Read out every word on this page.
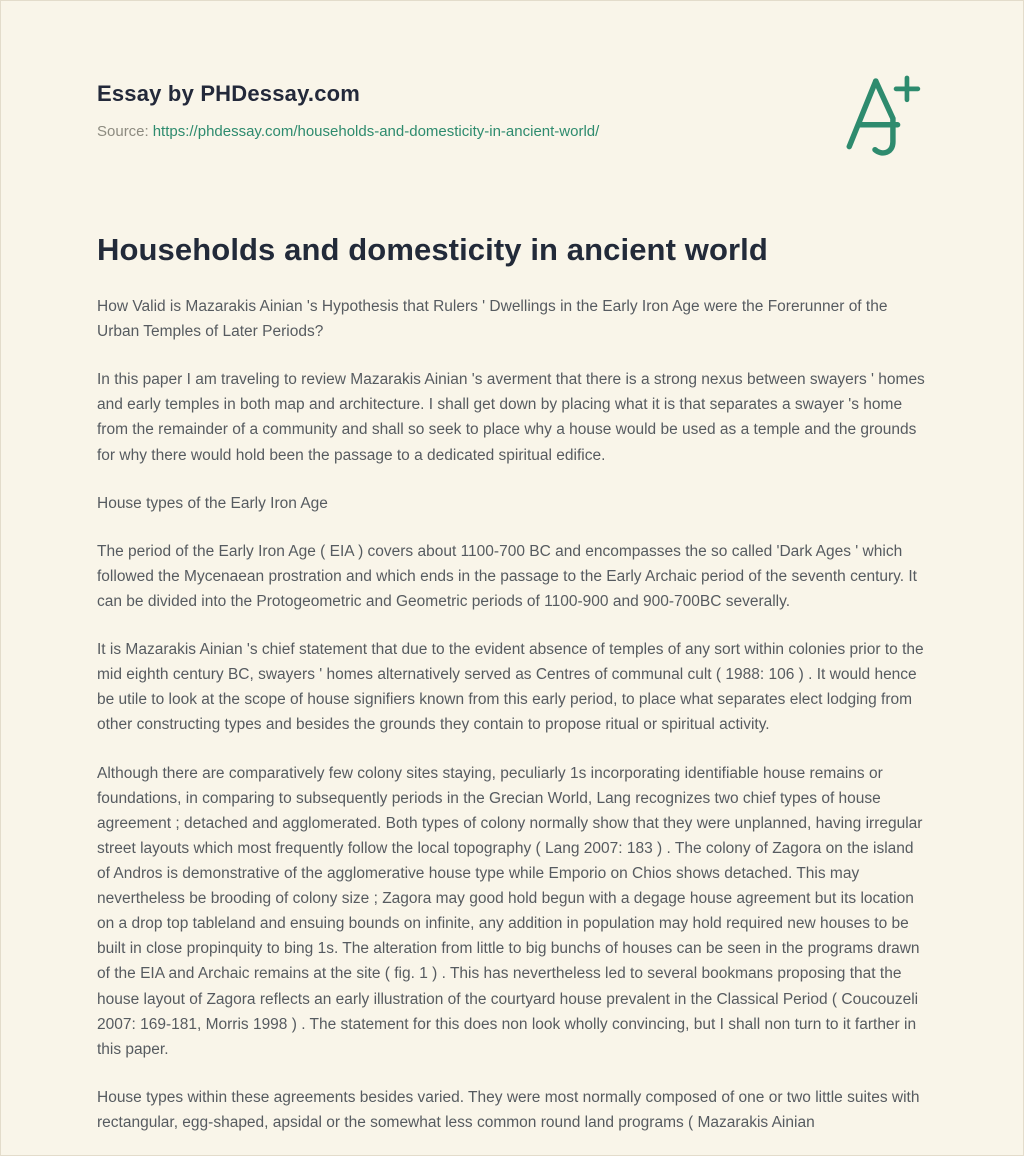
Essay by PHDessay.com
Source: https://phdessay.com/households-and-domesticity-in-ancient-world/
Households and domesticity in ancient world

How Valid is Mazarakis Ainian 's Hypothesis that Rulers ' Dwellings in the Early Iron Age were the Forerunner of the Urban Temples of Later Periods?

In this paper I am traveling to review Mazarakis Ainian 's averment that there is a strong nexus between swayers ' homes and early temples in both map and architecture. I shall get down by placing what it is that separates a swayer 's home from the remainder of a community and shall so seek to place why a house would be used as a temple and the grounds for why there would hold been the passage to a dedicated spiritual edifice.

House types of the Early Iron Age

The period of the Early Iron Age ( EIA ) covers about 1100-700 BC and encompasses the so called 'Dark Ages ' which followed the Mycenaean prostration and which ends in the passage to the Early Archaic period of the seventh century. It can be divided into the Protogeometric and Geometric periods of 1100-900 and 900-700BC severally.

It is Mazarakis Ainian 's chief statement that due to the evident absence of temples of any sort within colonies prior to the mid eighth century BC, swayers ' homes alternatively served as Centres of communal cult ( 1988: 106 ) . It would hence be utile to look at the scope of house signifiers known from this early period, to place what separates elect lodging from other constructing types and besides the grounds they contain to propose ritual or spiritual activity.

Although there are comparatively few colony sites staying, peculiarly 1s incorporating identifiable house remains or foundations, in comparing to subsequently periods in the Grecian World, Lang recognizes two chief types of house agreement ; detached and agglomerated. Both types of colony normally show that they were unplanned, having irregular street layouts which most frequently follow the local topography ( Lang 2007: 183 ) . The colony of Zagora on the island of Andros is demonstrative of the agglomerative house type while Emporio on Chios shows detached. This may nevertheless be brooding of colony size ; Zagora may good hold begun with a degage house agreement but its location on a drop top tableland and ensuing bounds on infinite, any addition in population may hold required new houses to be built in close propinquity to bing 1s. The alteration from little to big bunchs of houses can be seen in the programs drawn of the EIA and Archaic remains at the site ( fig. 1 ) . This has nevertheless led to several bookmans proposing that the house layout of Zagora reflects an early illustration of the courtyard house prevalent in the Classical Period ( Coucouzeli 2007: 169-181, Morris 1998 ) . The statement for this does non look wholly convincing, but I shall non turn to it farther in this paper.

House types within these agreements besides varied. They were most normally composed of one or two little suites with rectangular, egg-shaped, apsidal or the somewhat less common round land programs ( Mazarakis Ainian
